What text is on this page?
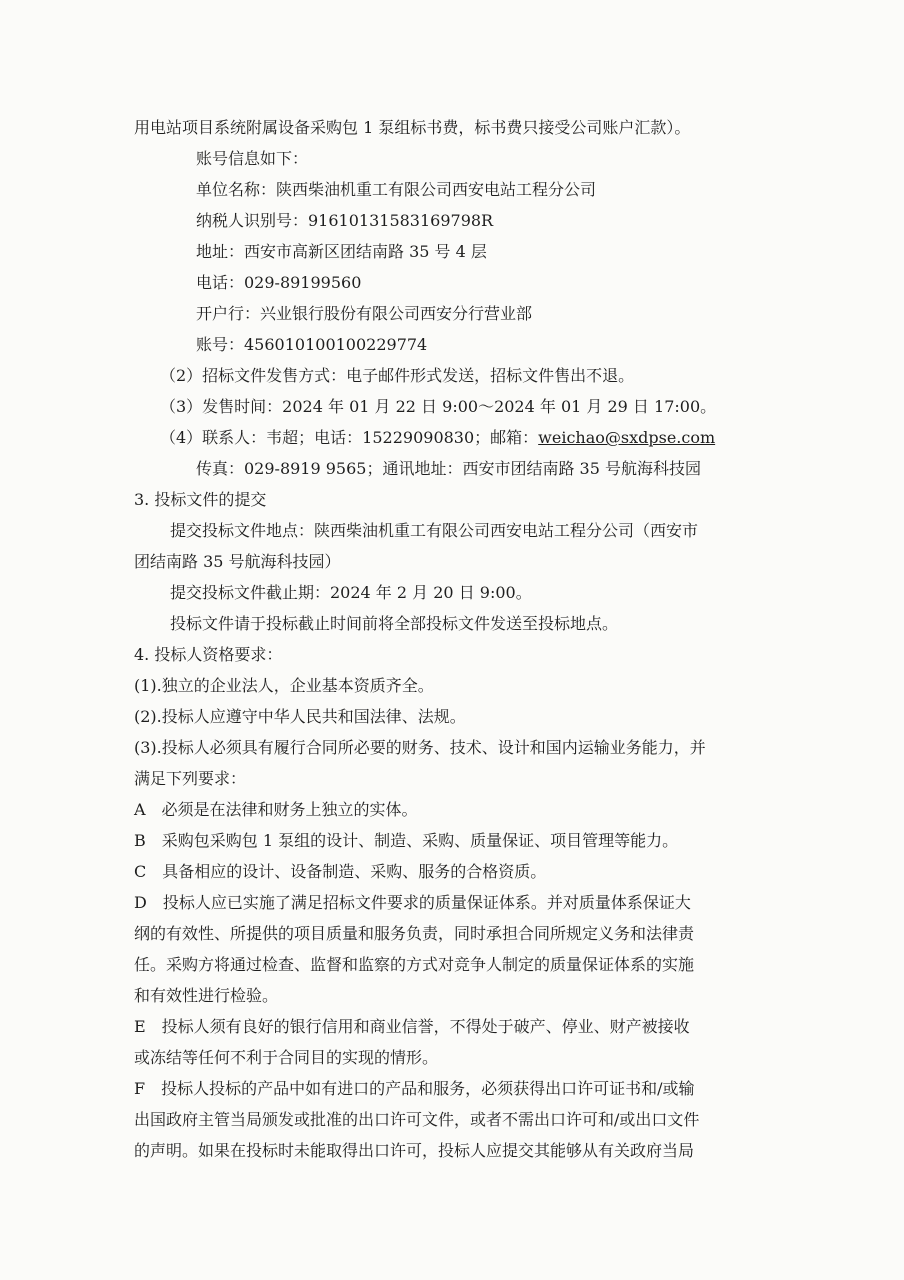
用电站项目系统附属设备采购包 1 泵组标书费，标书费只接受公司账户汇款）。
账号信息如下：
单位名称：陕西柴油机重工有限公司西安电站工程分公司
纳税人识别号：9161013158316979​8R
地址：西安市高新区团结南路 35 号 4 层
电话：029-89199560
开户行：兴业银行股份有限公司西安分行营业部
账号：456010100100229774
（2）招标文件发售方式：电子邮件形式发送，招标文件售出不退。
（3）发售时间：2024 年 01 月 22 日 9:00～2024 年 01 月 29 日 17:00。
（4）联系人：韦超；电话：15229090830；邮箱：weichao@sxdpse.com
传真：029-8919 9565；通讯地址：西安市团结南路 35 号航海科技园
3. 投标文件的提交
提交投标文件地点：陕西柴油机重工有限公司西安电站工程分公司（西安市
团结南路 35 号航海科技园）
提交投标文件截止期：2024 年 2 月 20 日 9:00。
投标文件请于投标截止时间前将全部投标文件发送至投标地点。
4. 投标人资格要求：
(1).独立的企业法人，企业基本资质齐全。
(2).投标人应遵守中华人民共和国法律、法规。
(3).投标人必须具有履行合同所必要的财务、技术、设计和国内运输业务能力，并
满足下列要求：
A　必须是在法律和财务上独立的实体。
B　采购包采购包 1 泵组的设计、制造、采购、质量保证、项目管理等能力。
C　具备相应的设计、设备制造、采购、服务的合格资质。
D　投标人应已实施了满足招标文件要求的质量保证体系。并对质量体系保证大
纲的有效性、所提供的项目质量和服务负责，同时承担合同所规定义务和法律责
任。采购方将通过检查、监督和监察的方式对竞争人制定的质量保证体系的实施
和有效性进行检验。
E　投标人须有良好的银行信用和商业信誉，不得处于破产、停业、财产被接收
或冻结等任何不利于合同目的实现的情形。
F　投标人投标的产品中如有进口的产品和服务，必须获得出口许可证书和/或输
出国政府主管当局颁发或批准的出口许可文件，或者不需出口许可和/或出口文件
的声明。如果在投标时未能取得出口许可，投标人应提交其能够从有关政府当局
